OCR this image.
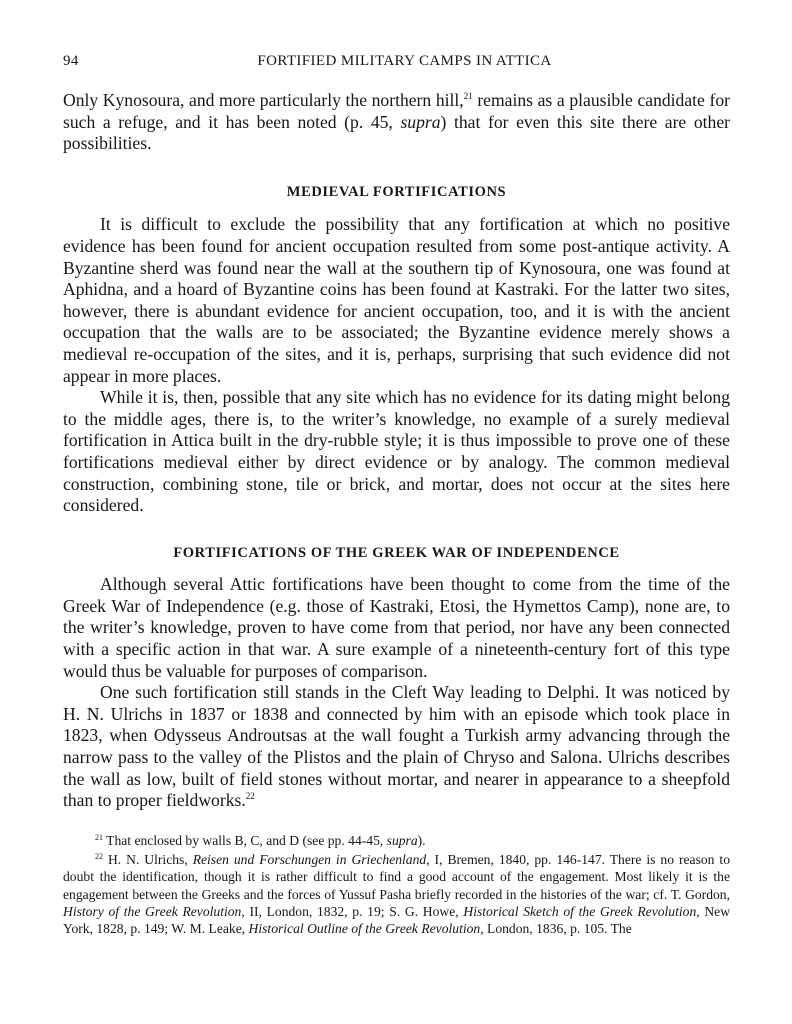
94	FORTIFIED MILITARY CAMPS IN ATTICA

Only Kynosoura, and more particularly the northern hill,$^{21}$ remains as a plausible candidate for such a refuge, and it has been noted (p. 45, supra) that for even this site there are other possibilities.

MEDIEVAL FORTIFICATIONS

It is difficult to exclude the possibility that any fortification at which no positive evidence has been found for ancient occupation resulted from some post-antique activity. A Byzantine sherd was found near the wall at the southern tip of Kynosoura, one was found at Aphidna, and a hoard of Byzantine coins has been found at Kastraki. For the latter two sites, however, there is abundant evidence for ancient occupation, too, and it is with the ancient occupation that the walls are to be associated; the Byzantine evidence merely shows a medieval re-occupation of the sites, and it is, perhaps, surprising that such evidence did not appear in more places.

While it is, then, possible that any site which has no evidence for its dating might belong to the middle ages, there is, to the writer’s knowledge, no example of a surely medieval fortification in Attica built in the dry-rubble style; it is thus impossible to prove one of these fortifications medieval either by direct evidence or by analogy. The common medieval construction, combining stone, tile or brick, and mortar, does not occur at the sites here considered.

FORTIFICATIONS OF THE GREEK WAR OF INDEPENDENCE

Although several Attic fortifications have been thought to come from the time of the Greek War of Independence (e.g. those of Kastraki, Etosi, the Hymettos Camp), none are, to the writer’s knowledge, proven to have come from that period, nor have any been connected with a specific action in that war. A sure example of a nineteenth-century fort of this type would thus be valuable for purposes of comparison.

One such fortification still stands in the Cleft Way leading to Delphi. It was noticed by H. N. Ulrichs in 1837 or 1838 and connected by him with an episode which took place in 1823, when Odysseus Androutsas at the wall fought a Turkish army advancing through the narrow pass to the valley of the Plistos and the plain of Chryso and Salona. Ulrichs describes the wall as low, built of field stones without mortar, and nearer in appearance to a sheepfold than to proper fieldworks.$^{22}$

$^{21}$ That enclosed by walls B, C, and D (see pp. 44-45, supra).

$^{22}$ H. N. Ulrichs, Reisen und Forschungen in Griechenland, I, Bremen, 1840, pp. 146-147. There is no reason to doubt the identification, though it is rather difficult to find a good account of the engagement. Most likely it is the engagement between the Greeks and the forces of Yussuf Pasha briefly recorded in the histories of the war; cf. T. Gordon, History of the Greek Revolution, II, London, 1832, p. 19; S. G. Howe, Historical Sketch of the Greek Revolution, New York, 1828, p. 149; W. M. Leake, Historical Outline of the Greek Revolution, London, 1836, p. 105. The
